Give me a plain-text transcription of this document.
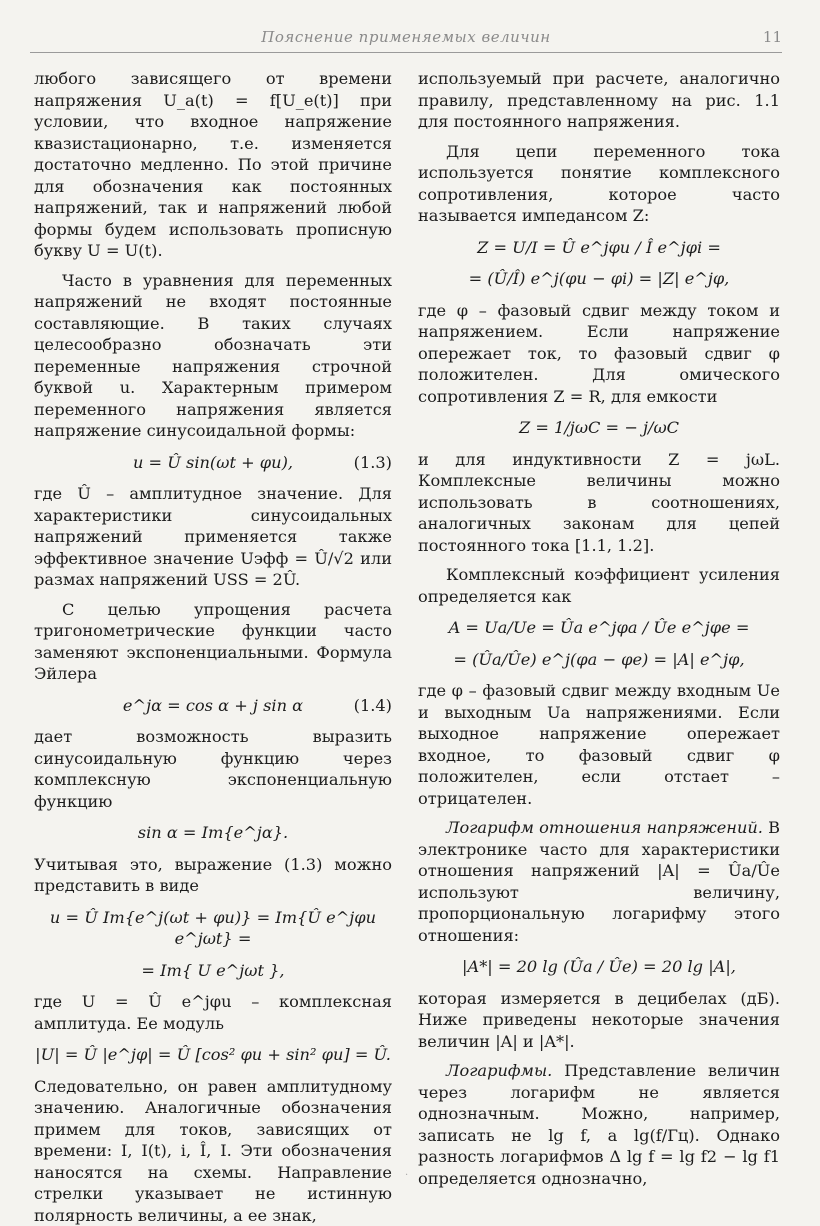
Пояснение применяемых величин	11

любого зависящего от времени напряжения U_a(t) = f[U_e(t)] при условии, что входное напряжение квазистационарно, т.е. изменяется достаточно медленно. По этой причине для обозначения как постоянных напряжений, так и напряжений любой формы будем использовать прописную букву U = U(t).

Часто в уравнения для переменных напряжений не входят постоянные составляющие. В таких случаях целесообразно обозначать эти переменные напряжения строчной буквой u. Характерным примером переменного напряжения является напряжение синусоидальной формы:

u = Û sin(ωt + φu),	(1.3)

где Û – амплитудное значение. Для характеристики синусоидальных напряжений применяется также эффективное значение Uэфф = Û/√2 или размах напряжений USS = 2Û.

С целью упрощения расчета тригонометрические функции часто заменяют экспоненциальными. Формула Эйлера

e^jα = cos α + j sin α	(1.4)

дает возможность выразить синусоидальную функцию через комплексную экспоненциальную функцию

sin α = Im{e^jα}.

Учитывая это, выражение (1.3) можно представить в виде

u = Û Im{e^j(ωt + φu)} = Im{Û e^jφu e^jωt} =
= Im{ U e^jωt },

где U = Û e^jφu – комплексная амплитуда. Ее модуль

|U| = Û |e^jφ| = Û [cos² φu + sin² φu] = Û.

Следовательно, он равен амплитудному значению. Аналогичные обозначения примем для токов, зависящих от времени: I, I(t), i, Î, I. Эти обозначения наносятся на схемы. Направление стрелки указывает не истинную полярность величины, а ее знак,

используемый при расчете, аналогично правилу, представленному на рис. 1.1 для постоянного напряжения.

Для цепи переменного тока используется понятие комплексного сопротивления, которое часто называется импедансом Z:

Z = U/I = Û e^jφu / Î e^jφi =
= (Û/Î) e^j(φu − φi) = |Z| e^jφ,

где φ – фазовый сдвиг между током и напряжением. Если напряжение опережает ток, то фазовый сдвиг φ положителен. Для омического сопротивления Z = R, для емкости

Z = 1/jωC = − j/ωC

и для индуктивности Z = jωL. Комплексные величины можно использовать в соотношениях, аналогичных законам для цепей постоянного тока [1.1, 1.2].

Комплексный коэффициент усиления определяется как

A = Ua/Ue = Ûa e^jφa / Ûe e^jφe =
= (Ûa/Ûe) e^j(φa − φe) = |A| e^jφ,

где φ – фазовый сдвиг между входным Ue и выходным Ua напряжениями. Если выходное напряжение опережает входное, то фазовый сдвиг φ положителен, если отстает – отрицателен.

Логарифм отношения напряжений. В электронике часто для характеристики отношения напряжений |A| = Ûa/Ûe используют величину, пропорциональную логарифму этого отношения:

|A*| = 20 lg (Ûa / Ûe) = 20 lg |A|,

которая измеряется в децибелах (дБ). Ниже приведены некоторые значения величин |A| и |A*|.

Логарифмы. Представление величин через логарифм не является однозначным. Можно, например, записать не lg f, a lg(f/Гц). Однако разность логарифмов Δ lg f = lg f2 − lg f1 определяется однозначно,

·
